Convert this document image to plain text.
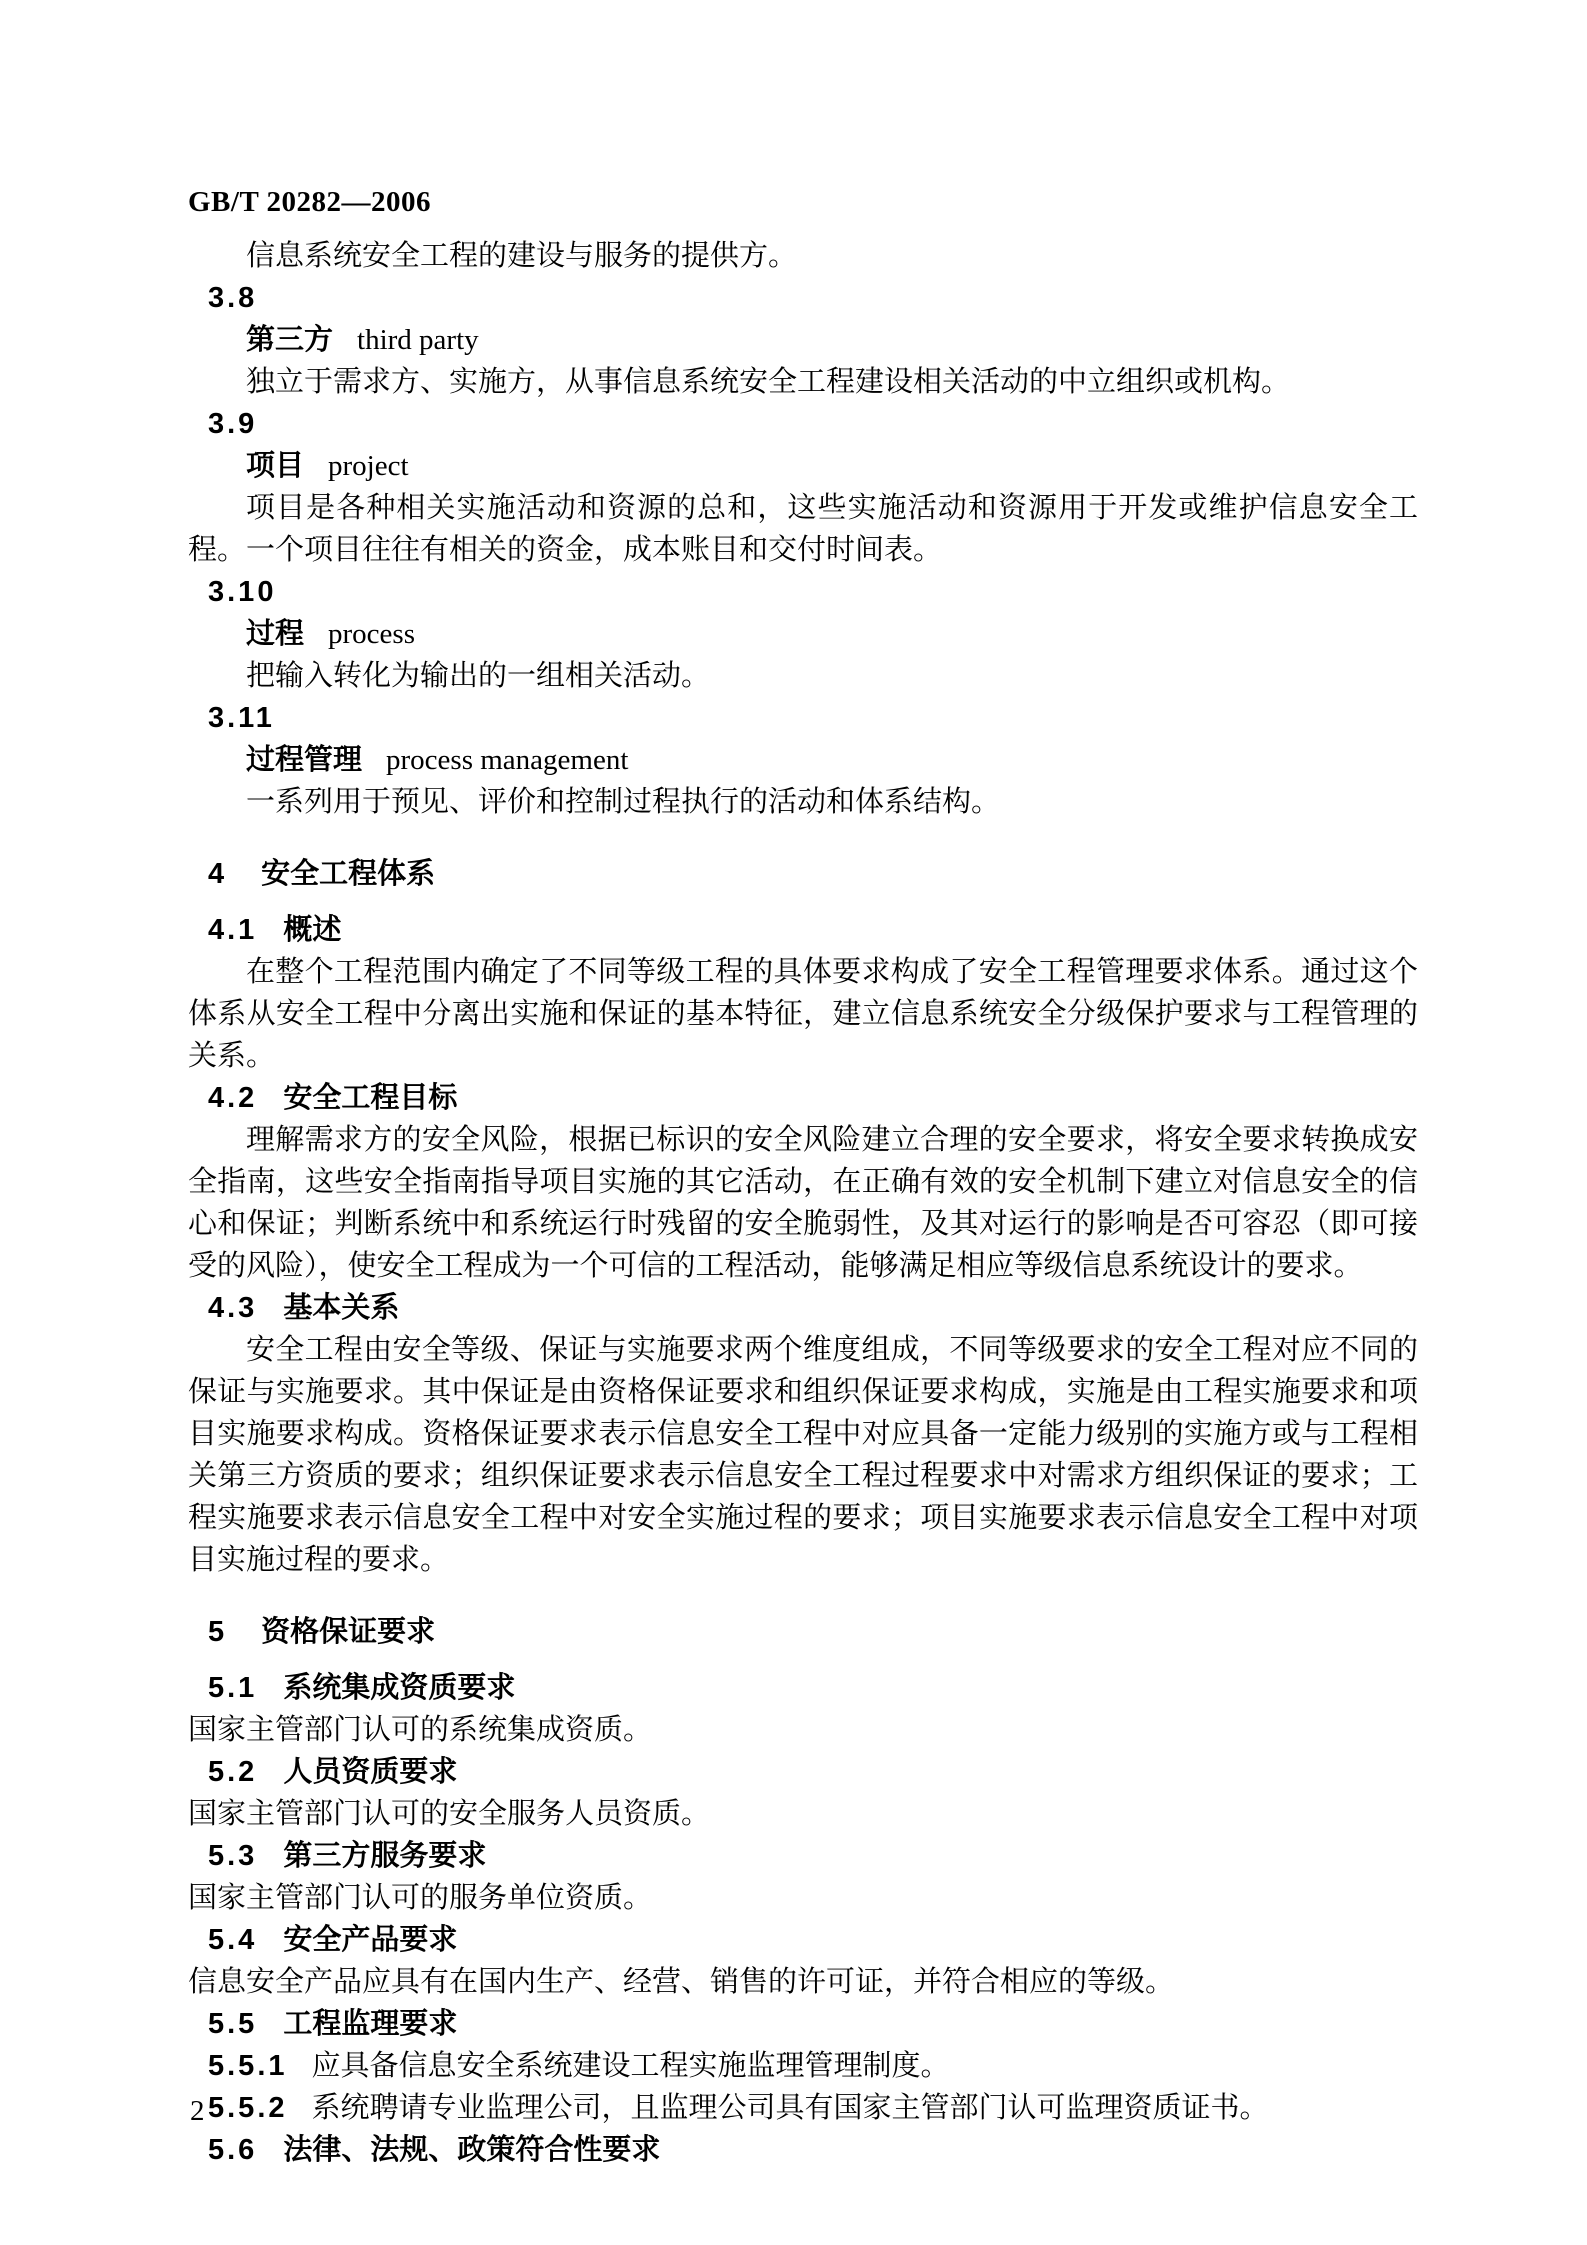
GB/T 20282—2006

信息系统安全工程的建设与服务的提供方。

3.8
第三方 third party

独立于需求方、实施方，从事信息系统安全工程建设相关活动的中立组织或机构。

3.9
项目 project

项目是各种相关实施活动和资源的总和，这些实施活动和资源用于开发或维护信息安全工程。一个项目往往有相关的资金，成本账目和交付时间表。

3.10
过程 process

把输入转化为输出的一组相关活动。

3.11
过程管理 process management

一系列用于预见、评价和控制过程执行的活动和体系结构。

4 安全工程体系
4.1 概述

在整个工程范围内确定了不同等级工程的具体要求构成了安全工程管理要求体系。通过这个体系从安全工程中分离出实施和保证的基本特征，建立信息系统安全分级保护要求与工程管理的关系。

4.2 安全工程目标

理解需求方的安全风险，根据已标识的安全风险建立合理的安全要求，将安全要求转换成安全指南，这些安全指南指导项目实施的其它活动，在正确有效的安全机制下建立对信息安全的信心和保证；判断系统中和系统运行时残留的安全脆弱性，及其对运行的影响是否可容忍（即可接受的风险），使安全工程成为一个可信的工程活动，能够满足相应等级信息系统设计的要求。

4.3 基本关系

安全工程由安全等级、保证与实施要求两个维度组成，不同等级要求的安全工程对应不同的保证与实施要求。其中保证是由资格保证要求和组织保证要求构成，实施是由工程实施要求和项目实施要求构成。资格保证要求表示信息安全工程中对应具备一定能力级别的实施方或与工程相关第三方资质的要求；组织保证要求表示信息安全工程过程要求中对需求方组织保证的要求；工程实施要求表示信息安全工程中对安全实施过程的要求；项目实施要求表示信息安全工程中对项目实施过程的要求。

5 资格保证要求
5.1 系统集成资质要求

国家主管部门认可的系统集成资质。

5.2 人员资质要求

国家主管部门认可的安全服务人员资质。

5.3 第三方服务要求

国家主管部门认可的服务单位资质。

5.4 安全产品要求

信息安全产品应具有在国内生产、经营、销售的许可证，并符合相应的等级。

5.5 工程监理要求

5.5.1 应具备信息安全系统建设工程实施监理管理制度。

5.5.2 系统聘请专业监理公司，且监理公司具有国家主管部门认可监理资质证书。

5.6 法律、法规、政策符合性要求
2
